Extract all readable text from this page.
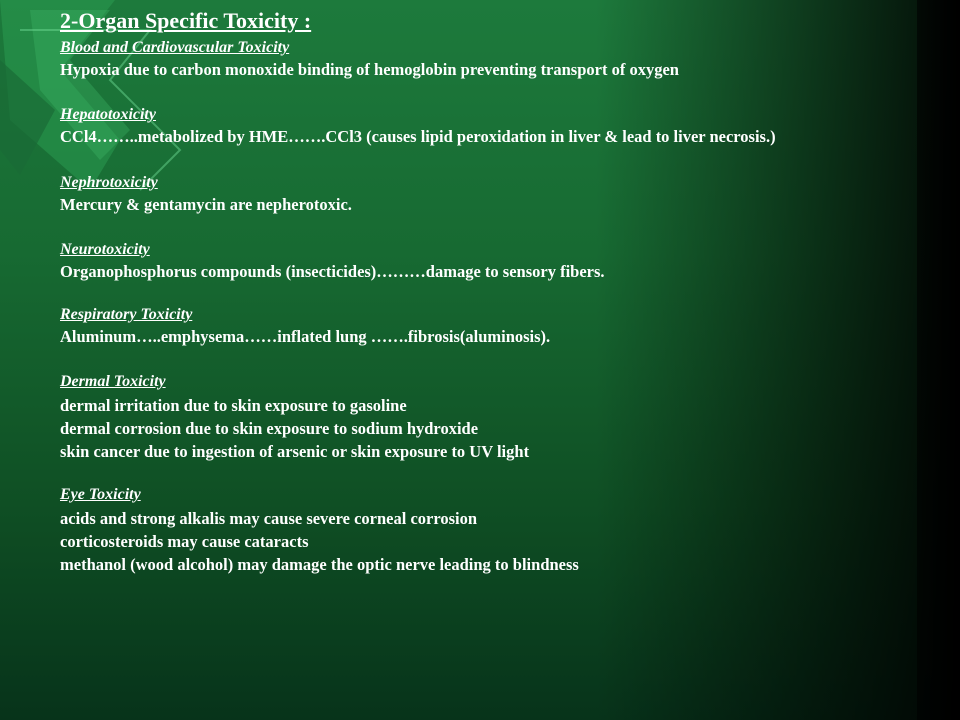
2-Organ Specific Toxicity :
Blood and Cardiovascular Toxicity
Hypoxia due to carbon monoxide binding of hemoglobin preventing transport of oxygen
Hepatotoxicity
CCl4……..metabolized by HME…….CCl3 (causes lipid peroxidation in liver & lead to liver necrosis.)
Nephrotoxicity
Mercury & gentamycin are nepherotoxic.
Neurotoxicity
Organophosphorus compounds (insecticides)………damage to sensory fibers.
Respiratory Toxicity
Aluminum…..emphysema……inflated lung …….fibrosis(aluminosis).
Dermal Toxicity
dermal irritation due to skin exposure to gasoline
dermal corrosion due to skin exposure to sodium hydroxide
skin cancer due to ingestion of arsenic or skin exposure to UV light
Eye Toxicity
acids and strong alkalis may cause severe corneal corrosion
corticosteroids may cause cataracts
methanol (wood alcohol) may damage the optic nerve leading to blindness
